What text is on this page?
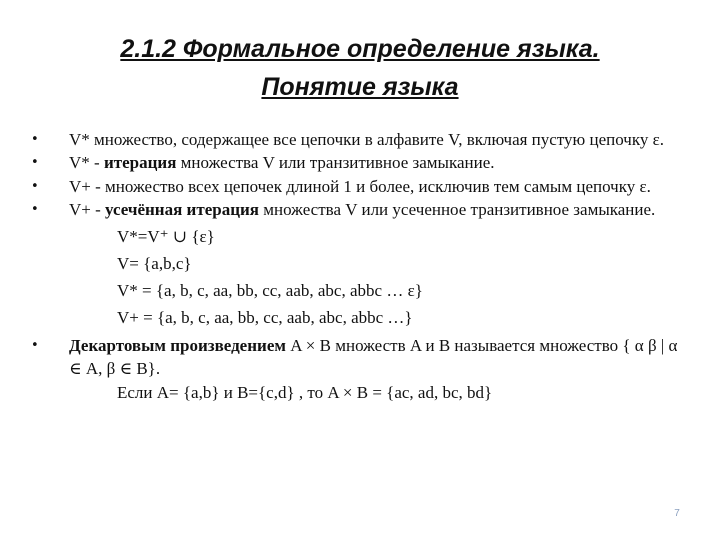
2.1.2 Формальное определение языка.
Понятие языка
• V* множество, содержащее все цепочки в алфавите V, включая пустую цепочку ε.
• V* - итерация множества V или транзитивное замыкание.
• V+ - множество всех цепочек длиной 1 и более, исключив тем самым цепочку ε.
• V+ - усечённая итерация множества V или усеченное транзитивное замыкание.
V*=V⁺ ∪ {ε}
V= {a,b,c}
V* = {a, b, c, aa, bb, cc, aab, abc, abbc … ε}
V+ = {a, b, c, aa, bb, cc, aab, abc, abbc …}
• Декартовым произведением A × B множеств A и B называется множество { α β | α ∈ A, β ∈ B}.
Если A= {a,b} и B={c,d} , то A × B = {ac, ad, bc, bd}
7
